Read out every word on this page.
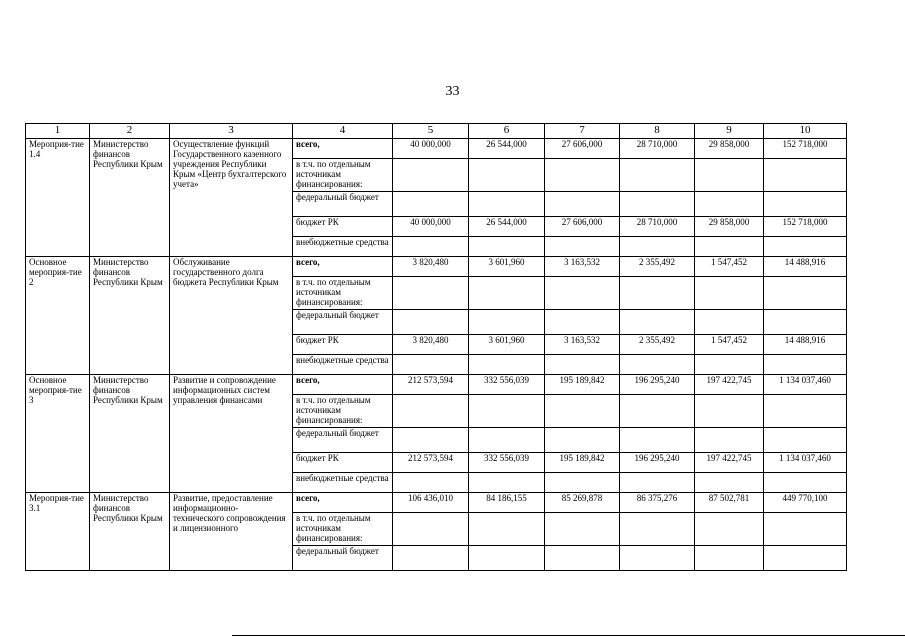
33
1	2	3	4	5	6	7	8	9	10
Мероприя-тие 1.4	Министерство финансов Республики Крым	Осуществление функций Государственного казенного учреждения Республики Крым «Центр бухгалтерского учета»	всего,	40 000,000	26 544,000	27 606,000	28 710,000	29 858,000	152 718,000
			в т.ч. по отдельным источникам финансирования:						
			федеральный бюджет						
			бюджет РК	40 000,000	26 544,000	27 606,000	28 710,000	29 858,000	152 718,000
			внебюджетные средства						
Основное мероприя-тие 2	Министерство финансов Республики Крым	Обслуживание государственного долга бюджета Республики Крым	всего,	3 820,480	3 601,960	3 163,532	2 355,492	1 547,452	14 488,916
			в т.ч. по отдельным источникам финансирования:						
			федеральный бюджет						
			бюджет РК	3 820,480	3 601,960	3 163,532	2 355,492	1 547,452	14 488,916
			внебюджетные средства						
Основное мероприя-тие 3	Министерство финансов Республики Крым	Развитие и сопровождение информационных систем управления финансами	всего,	212 573,594	332 556,039	195 189,842	196 295,240	197 422,745	1 134 037,460
			в т.ч. по отдельным источникам финансирования:						
			федеральный бюджет						
			бюджет РК	212 573,594	332 556,039	195 189,842	196 295,240	197 422,745	1 134 037,460
			внебюджетные средства						
Мероприя-тие 3.1	Министерство финансов Республики Крым	Развитие, предоставление информационно-технического сопровождения и лицензионного	всего,	106 436,010	84 186,155	85 269,878	86 375,276	87 502,781	449 770,100
			в т.ч. по отдельным источникам финансирования:						
			федеральный бюджет						
